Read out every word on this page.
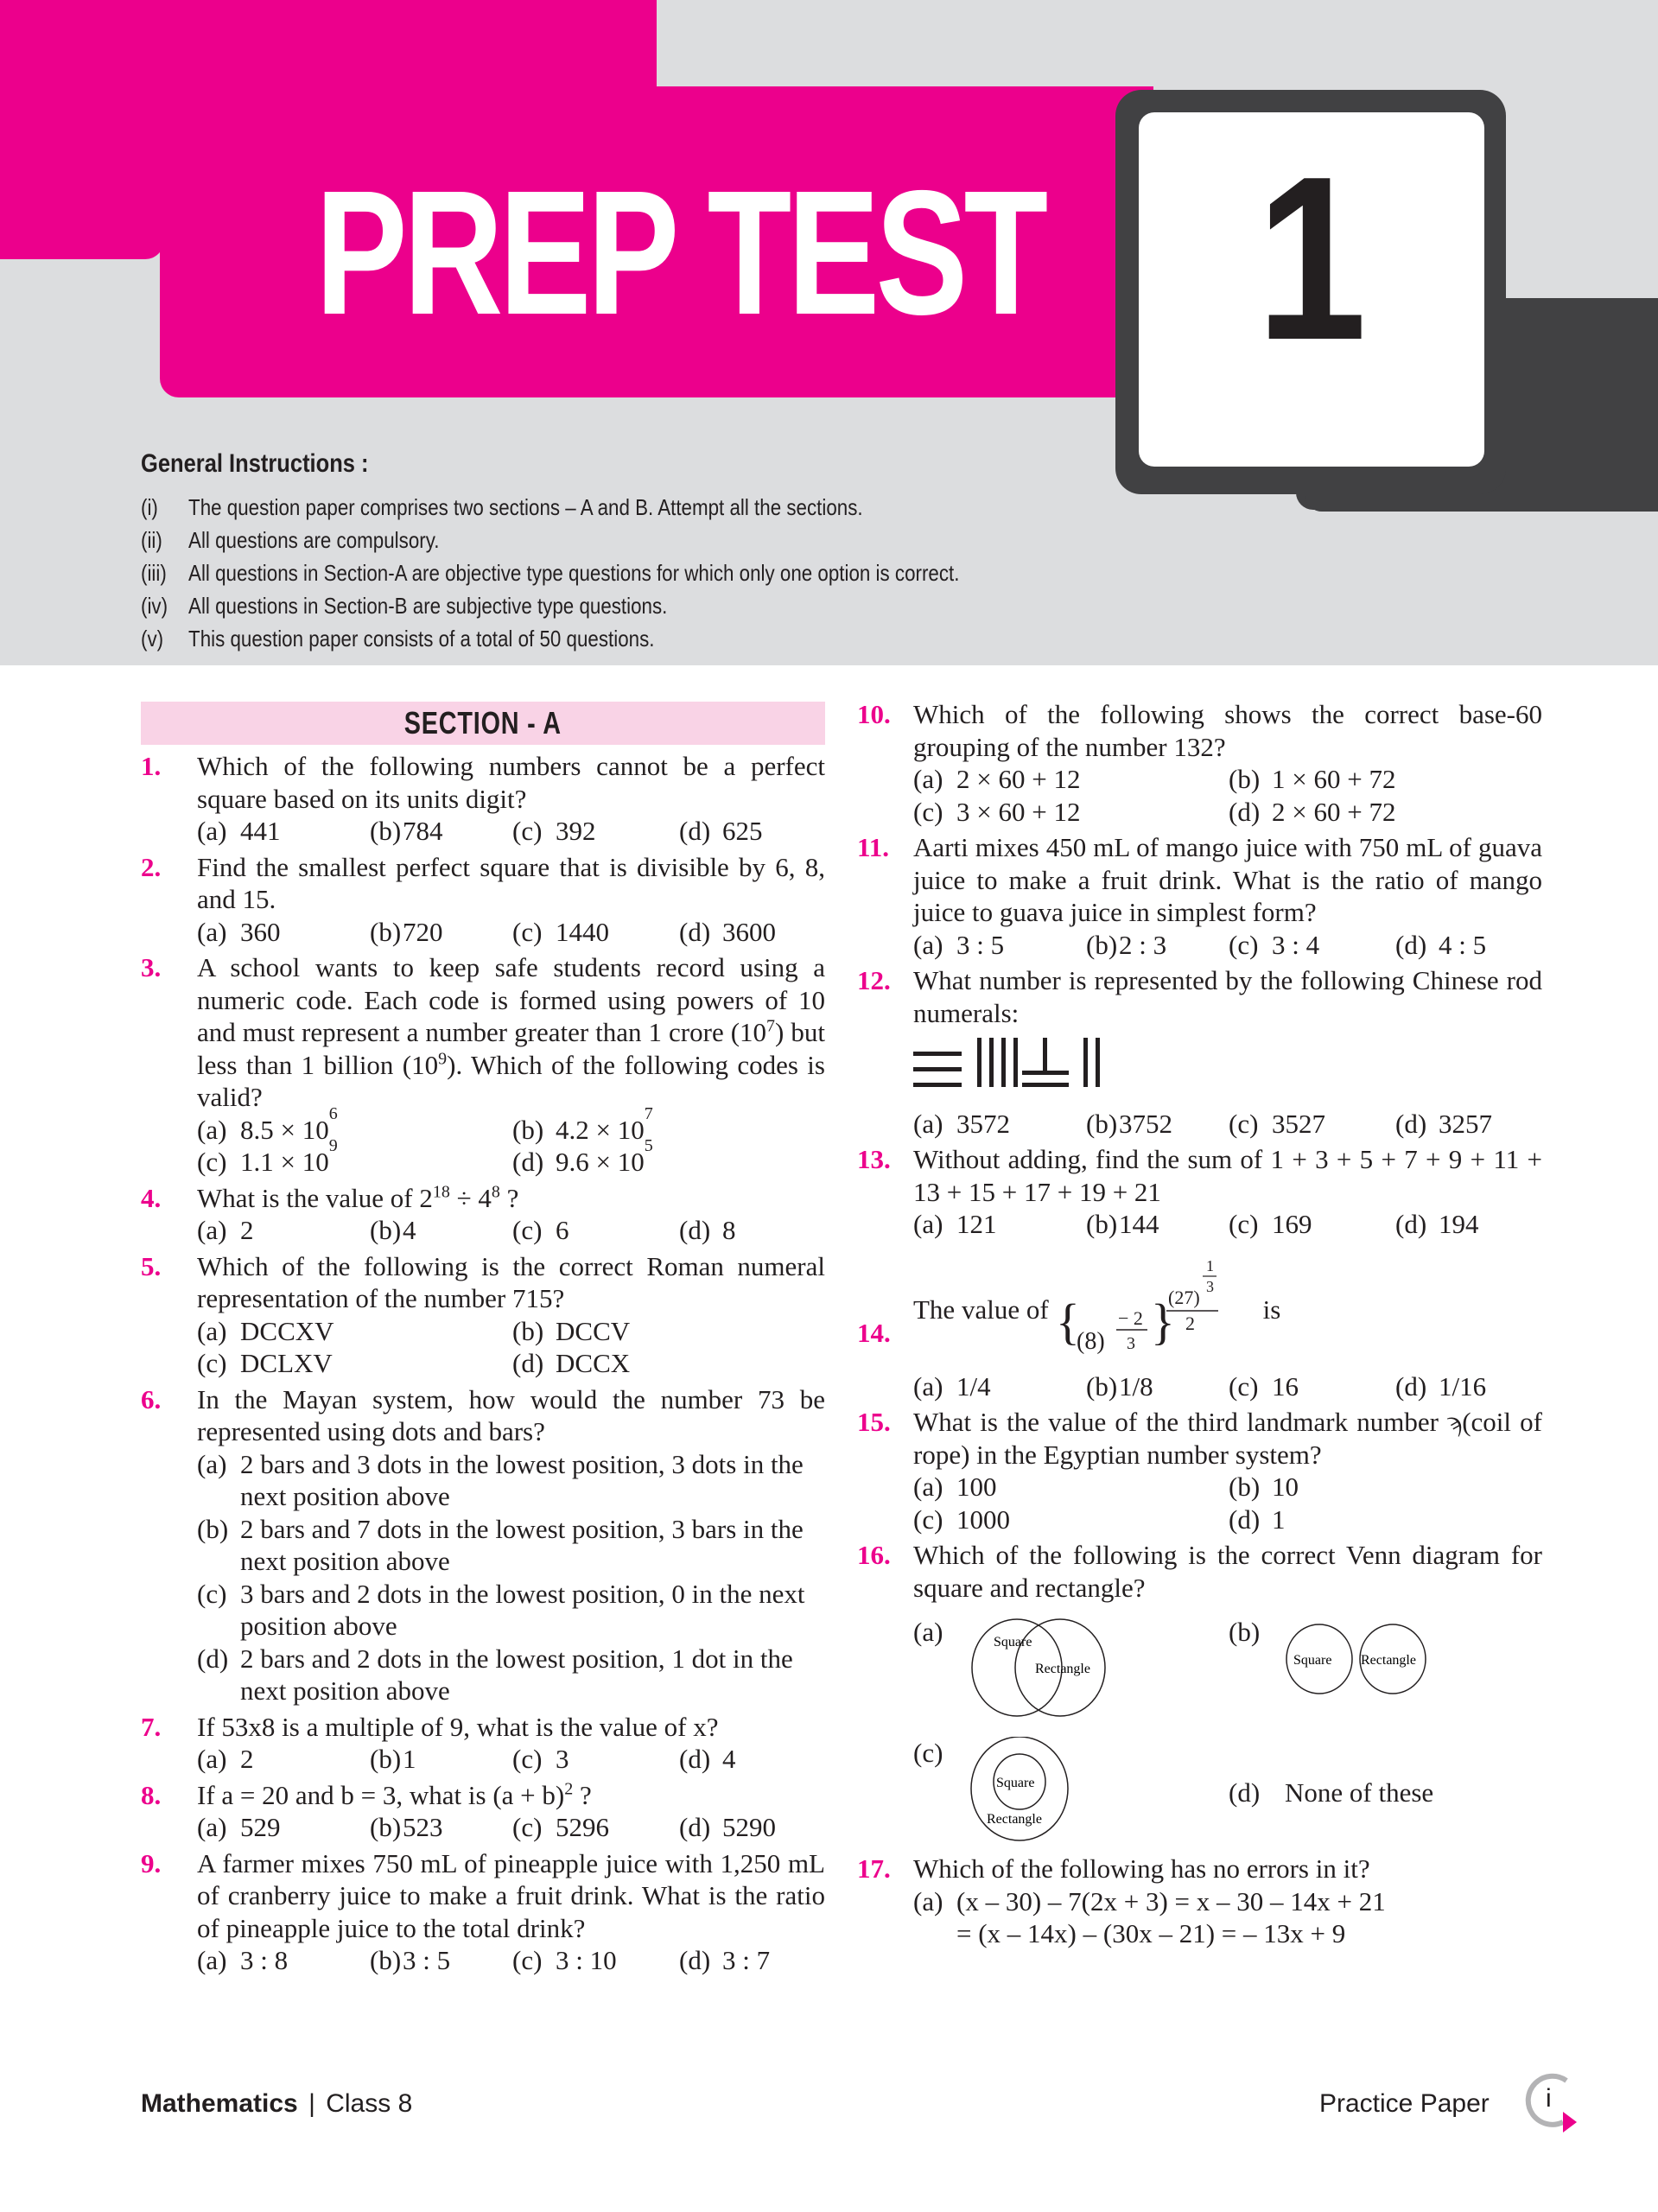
1
PREP TEST
General Instructions :
(i)	The question paper comprises two sections – A and B. Attempt all the sections.
(ii)	All questions are compulsory.
(iii) All questions in Section-A are objective type questions for which only one option is correct.
(iv) All questions in Section-B are subjective type questions.
(v)	This question paper consists of a total of 50 questions.
SECTION - A
1.	Which of the following numbers cannot be a perfect square based on its units digit?
(a) 441	(b) 784	(c) 392	(d) 625
2.	Find the smallest perfect square that is divisible by 6, 8, and 15.
(a) 360	(b) 720	(c) 1440	(d) 3600
3.	A school wants to keep safe students record using a numeric code. Each code is formed using powers of 10 and must represent a number greater than 1 crore $(10^7)$ but less than 1 billion $(10^9)$. Which of the following codes is valid?
(a) 8.5 × 10
6
(b) 4.2 × 10
7
(c) 1.1 × 10
9
(d) 9.6 × 10
5
4.	What is the value of $2^{18} \div 4^8$ ?
(a) 2	(b) 4	(c) 6	(d) 8
5.	Which of the following is the correct Roman numeral representation of the number 715?
(a) DCCXV	(b) DCCV
(c) DCLXV	(d) DCCX
6.	In the Mayan system, how would the number 73 be represented using dots and bars?
(a) 2 bars and 3 dots in the lowest position, 3 dots in the next position above
(b) 2 bars and 7 dots in the lowest position, 3 bars in the next position above
(c) 3 bars and 2 dots in the lowest position, 0 in the next position above
(d) 2 bars and 2 dots in the lowest position, 1 dot in the next position above
7.	If 53x8 is a multiple of 9, what is the value of x?
(a) 2	(b) 1	(c) 3	(d) 4
8.	If a = 20 and b = 3, what is $(a + b)^2$ ?
(a) 529	(b) 523	(c) 5296	(d) 5290
9.	A farmer mixes 750 mL of pineapple juice with 1,250 mL of cranberry juice to make a fruit drink. What is the ratio of pineapple juice to the total drink?
(a) 3 : 8	(b) 3 : 5 (c) 3 : 10 (d) 3 : 7
10. Which of the following shows the correct base-60 grouping of the number 132?
(a) 2 × 60 + 12	(b) 1 × 60 + 72
(c) 3 × 60 + 12	(d) 2 × 60 + 72
11. Aarti mixes 450 mL of mango juice with 750 mL of guava juice to make a fruit drink. What is the ratio of mango juice to guava juice in simplest form?
(a) 3 : 5	(b) 2 : 3 (c) 3 : 4	(d) 4 : 5
12. What number is represented by the following Chinese rod numerals:
(a) 3572	(b) 3752 (c) 3527	(d) 3257
13. Without adding, find the sum of 1 + 3 + 5 + 7 + 9 + 11 + 13 + 15 + 17 + 19 + 21
(a) 121	(b) 144	(c) 169	(d) 194
14.
The value of {
(8)
− 2
3 }
(27)
1
3
2	is
(a) 1/4	(b) 1/8	(c) 16	(d) 1/16
15. What is the value of the third landmark number ϡ(coil of rope) in the Egyptian number system?
(a) 100	(b) 10
(c) 1000	(d) 1
16. Which of the following is the correct Venn diagram for square and rectangle?
(a)	Square
Rectangle
(b)
Square Rectangle
(c)
Square
Rectangle
(d) None of these
17. Which of the following has no errors in it?
(a) (x – 30) – 7(2x + 3) = x – 30 – 14x + 21
= (x – 14x) – (30x – 21) = – 13x + 9
Mathematics | Class 8	Practice Paper i
